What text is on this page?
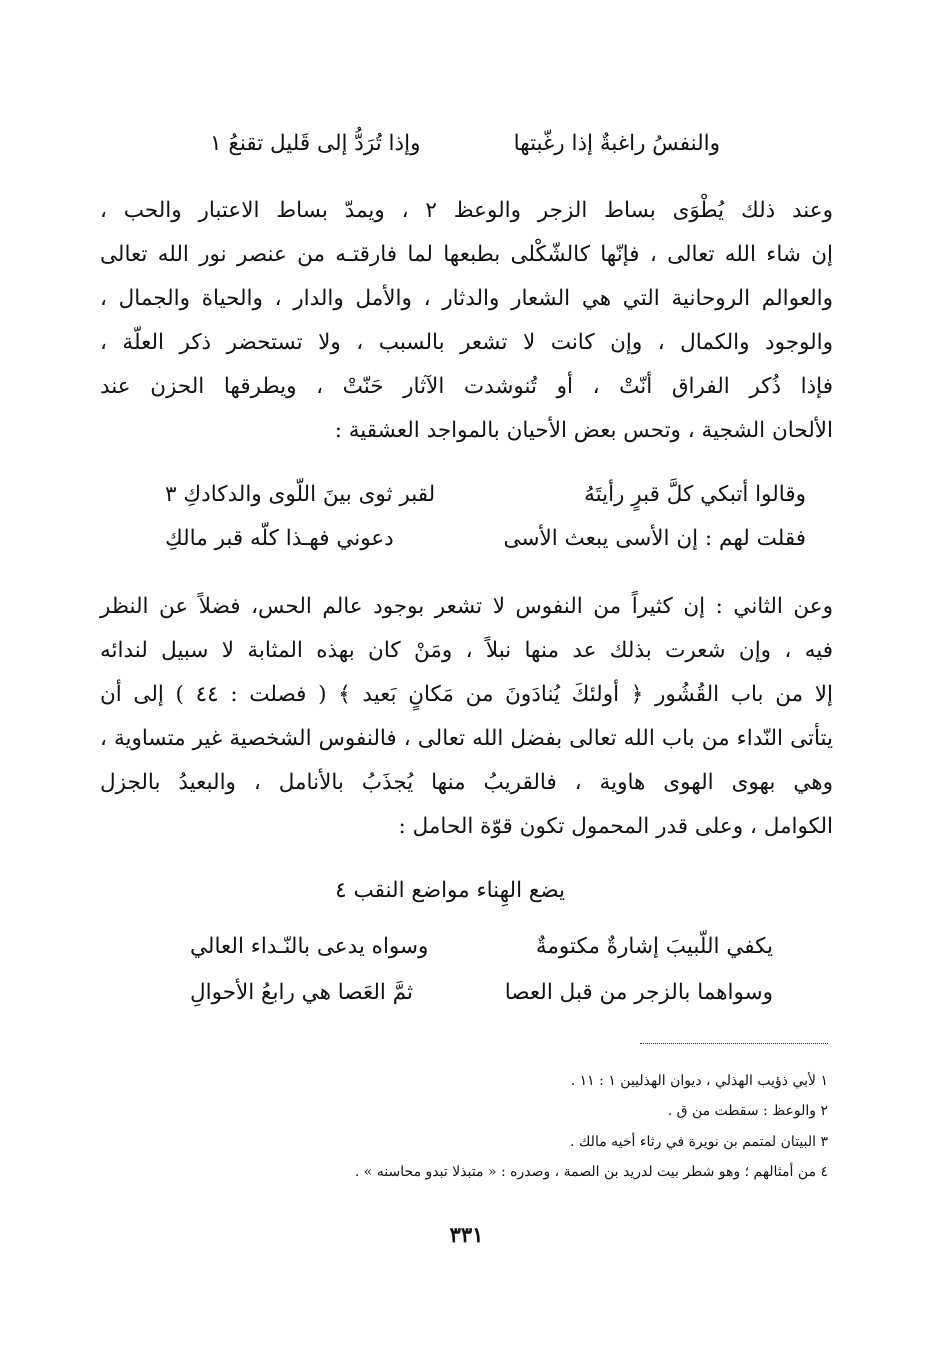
والنفسُ راغبةٌ إذا رغّبتها
وإذا تُرَدُّ إلى قَليل تقنعُ ١
وعند ذلك يُطْوَى بساط الزجر والوعظ ٢ ، ويمدّ بساط الاعتبار والحب ،
إن شاء الله تعالى ، فإنّها كالشّكْلى بطبعها لما فارقتـه من عنصر نور الله تعالى
والعوالم الروحانية التي هي الشعار والدثار ، والأمل والدار ، والحياة والجمال ،
والوجود والكمال ، وإن كانت لا تشعر بالسبب ، ولا تستحضر ذكر العلّة ،
فإذا ذُكر الفراق أنّتْ ، أو تُنوشدت الآثار حَنّتْ ، ويطرقها الحزن عند
الألحان الشجية ، وتحس بعض الأحيان بالمواجد العشقية :
وقالوا أتبكي كلَّ قبرٍ رأيتَهُ
لقبر ثوى بينَ اللّوى والدكادكِ ٣
فقلت لهم : إن الأسى يبعث الأسى
دعوني فهـذا كلّه قبر مالكِ
وعن الثاني : إن كثيراً من النفوس لا تشعر بوجود عالم الحس، فضلاً عن النظر
فيه ، وإن شعرت بذلك عد منها نبلاً ، ومَنْ كان بهذه المثابة لا سبيل لندائه
إلا من باب القُشُور ﴿ أولئكَ يُنادَونَ من مَكانٍ بَعيد ﴾ ( فصلت : ٤٤ ) إلى أن
يتأتى النّداء من باب الله تعالى بفضل الله تعالى ، فالنفوس الشخصية غير متساوية ،
وهي بهوى الهوى هاوية ، فالقريبُ منها يُجذَبُ بالأنامل ، والبعيدُ بالجزل
الكوامل ، وعلى قدر المحمول تكون قوّة الحامل :
يضع الهِناء مواضع النقب ٤
يكفي اللّبيبَ إشارةٌ مكتومةٌ
وسواه يدعى بالنّـداء العالي
وسواهما بالزجر من قبل العصا
ثمَّ العَصا هي رابعُ الأحوالِ
١ لأبي ذؤيب الهذلي ، ديوان الهذليين ١ : ١١ .
٢ والوعظ : سقطت من ق .
٣ البيتان لمتمم بن نويرة في رثاء أخيه مالك .
٤ من أمثالهم ؛ وهو شطر بيت لدريد بن الصمة ، وصدره : « متبذلا تبدو محاسنه » .
٣٣١
